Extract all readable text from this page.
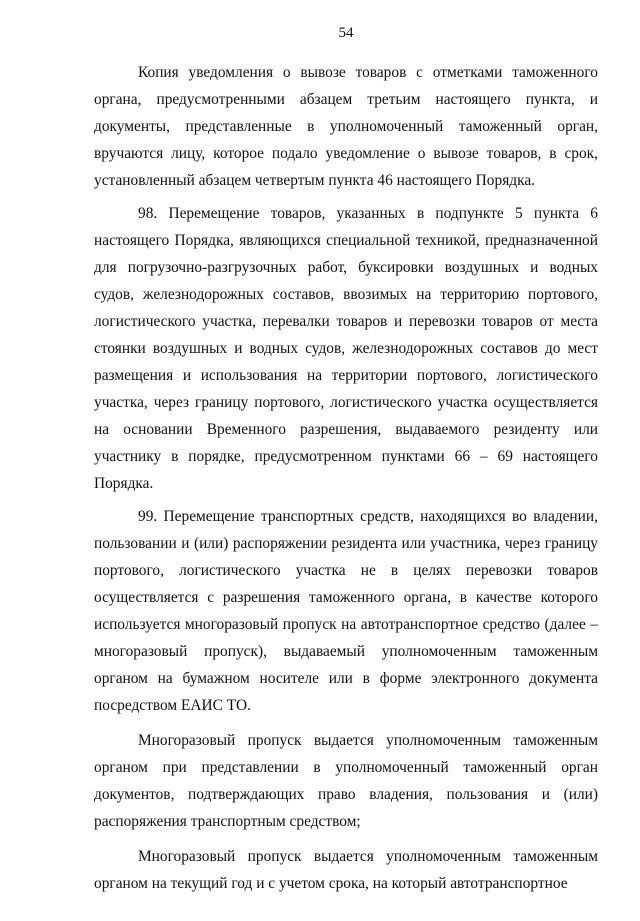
54

Копия уведомления о вывозе товаров с отметками таможенного органа, предусмотренными абзацем третьим настоящего пункта, и документы, представленные в уполномоченный таможенный орган, вручаются лицу, которое подало уведомление о вывозе товаров, в срок, установленный абзацем четвертым пункта 46 настоящего Порядка.

98. Перемещение товаров, указанных в подпункте 5 пункта 6 настоящего Порядка, являющихся специальной техникой, предназначенной для погрузочно-разгрузочных работ, буксировки воздушных и водных судов, железнодорожных составов, ввозимых на территорию портового, логистического участка, перевалки товаров и перевозки товаров от места стоянки воздушных и водных судов, железнодорожных составов до мест размещения и использования на территории портового, логистического участка, через границу портового, логистического участка осуществляется на основании Временного разрешения, выдаваемого резиденту или участнику в порядке, предусмотренном пунктами 66 – 69 настоящего Порядка.

99. Перемещение транспортных средств, находящихся во владении, пользовании и (или) распоряжении резидента или участника, через границу портового, логистического участка не в целях перевозки товаров осуществляется с разрешения таможенного органа, в качестве которого используется многоразовый пропуск на автотранспортное средство (далее – многоразовый пропуск), выдаваемый уполномоченным таможенным органом на бумажном носителе или в форме электронного документа посредством ЕАИС ТО.

Многоразовый пропуск выдается уполномоченным таможенным органом при представлении в уполномоченный таможенный орган документов, подтверждающих право владения, пользования и (или) распоряжения транспортным средством;

Многоразовый пропуск выдается уполномоченным таможенным органом на текущий год и с учетом срока, на который автотранспортное
